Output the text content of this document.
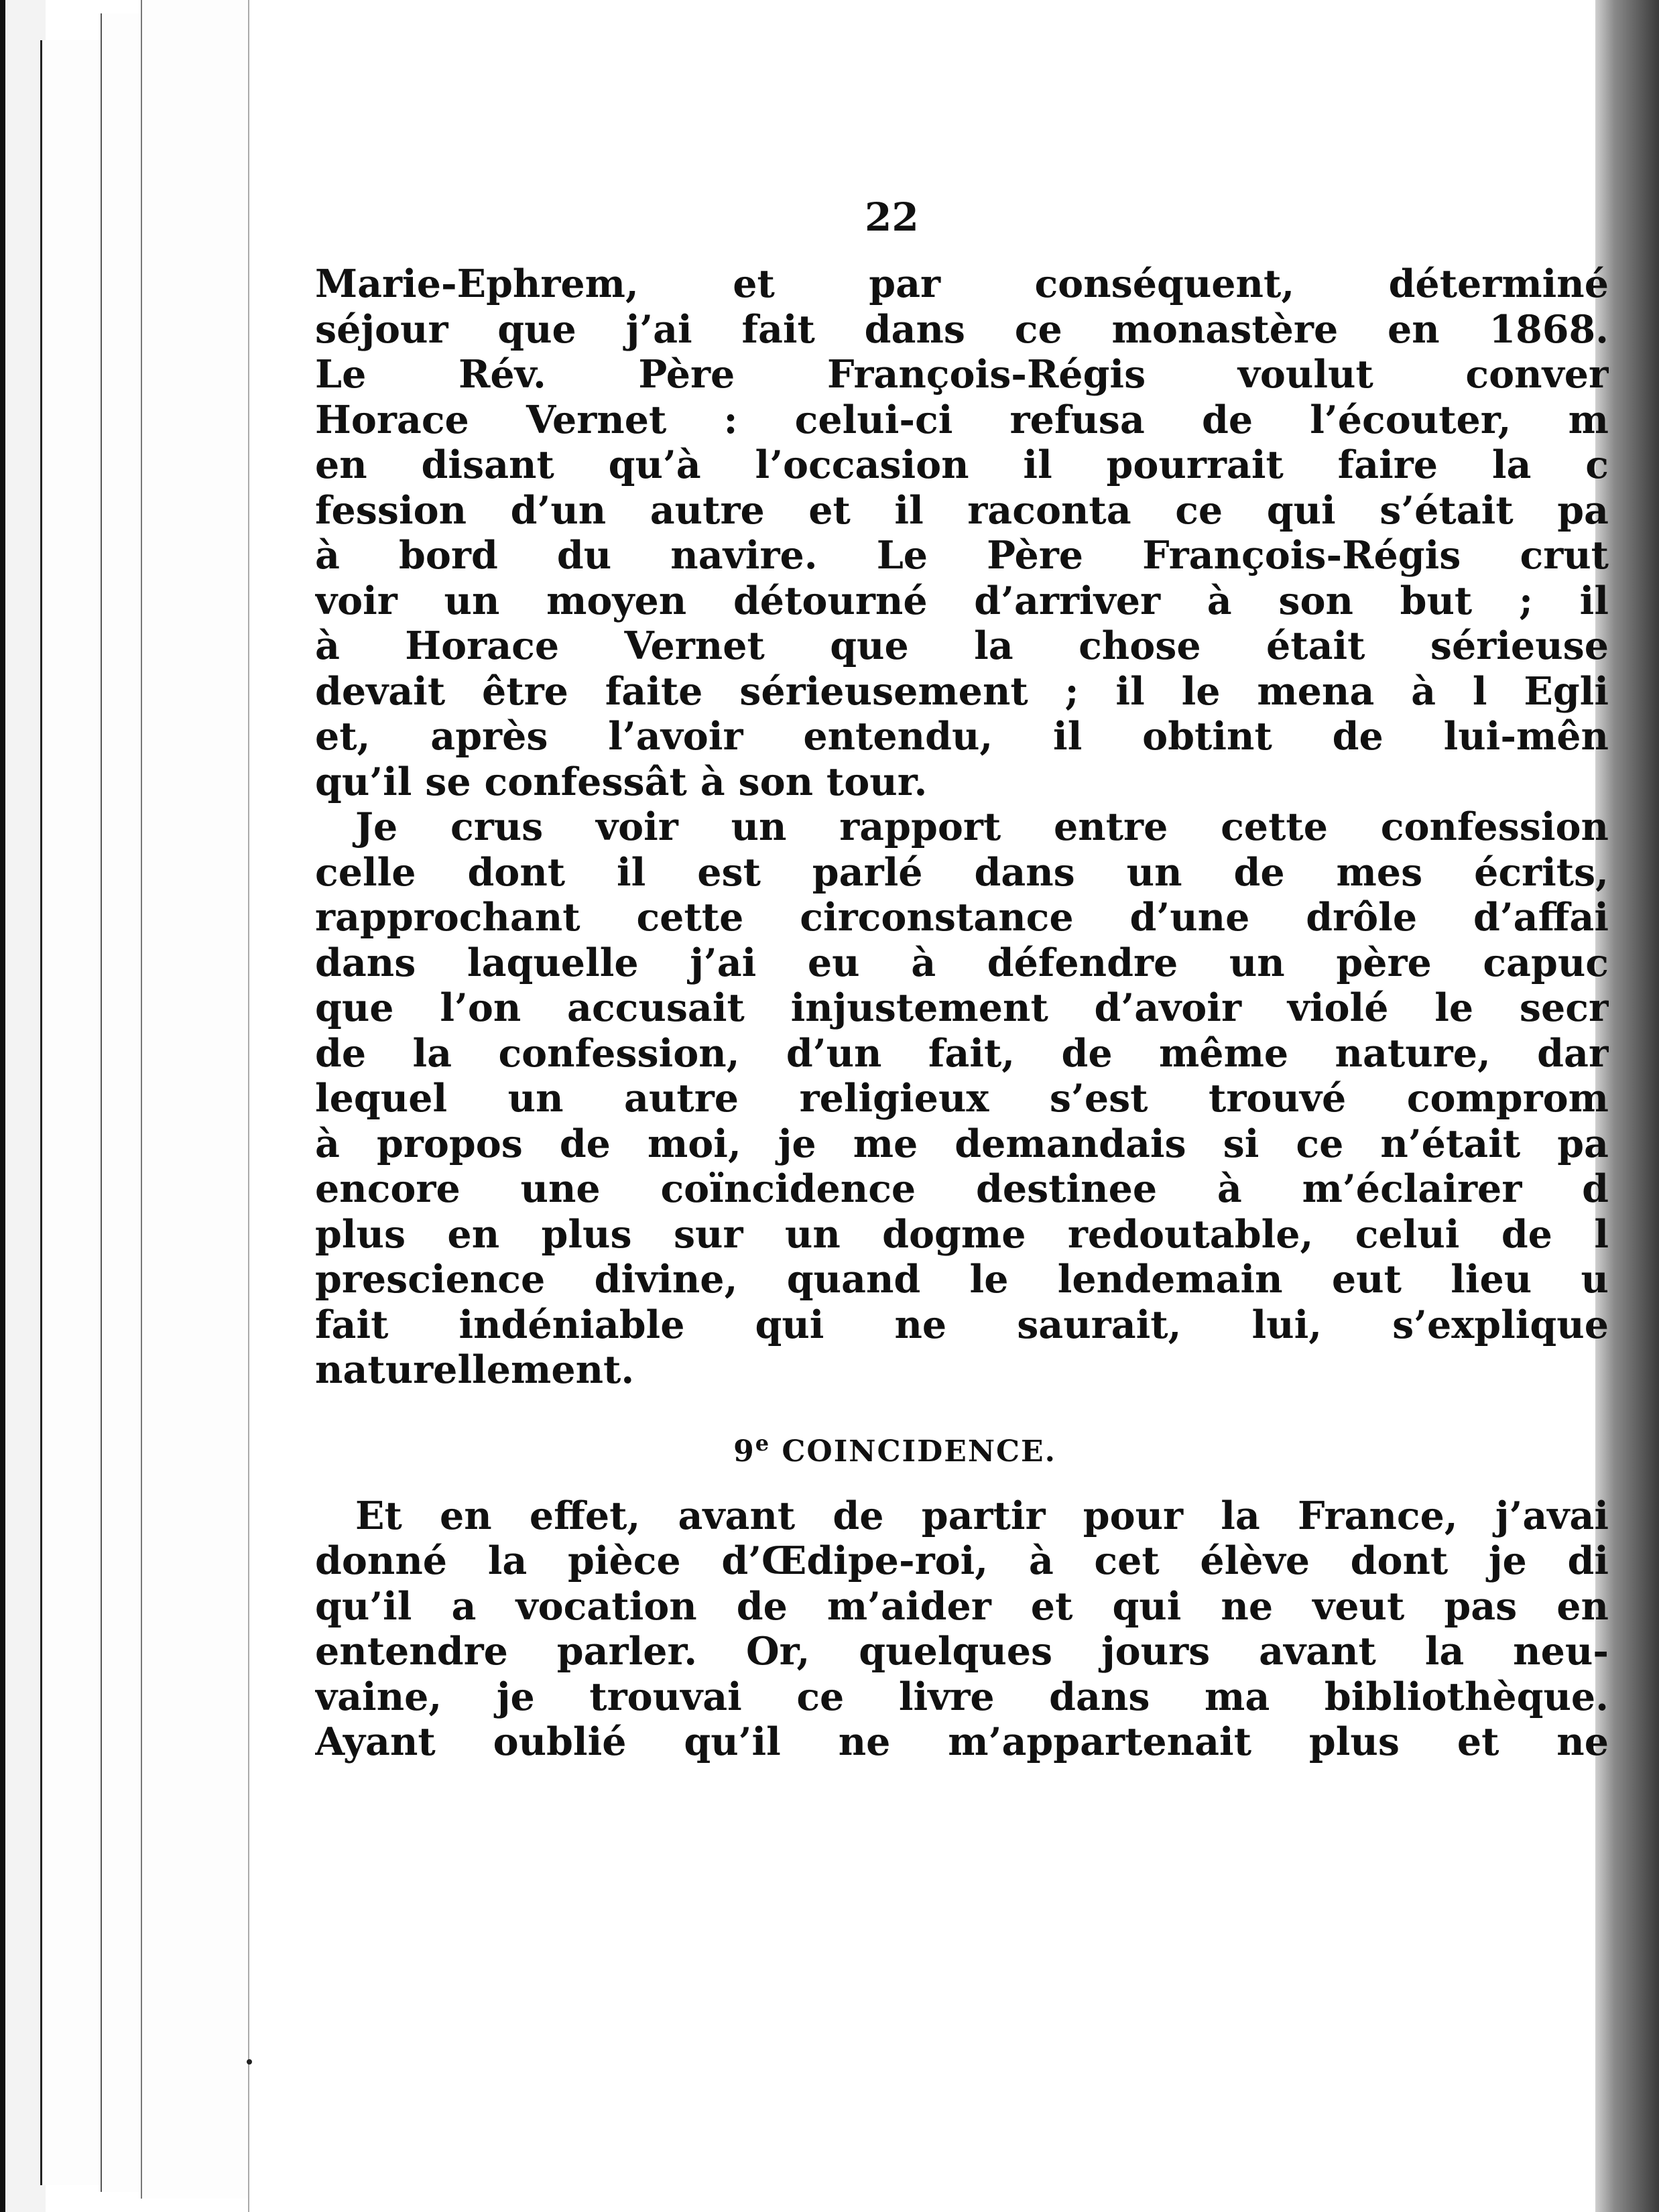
22
Marie-Ephrem, et par conséquent, déterminé
séjour que j’ai fait dans ce monastère en 1868.
Le Rév. Père François-Régis voulut conver
Horace Vernet : celui-ci refusa de l’écouter, m
en disant qu’à l’occasion il pourrait faire la c
fession d’un autre et il raconta ce qui s’était pa
à bord du navire. Le Père François-Régis crut
voir un moyen détourné d’arriver à son but ; il
à Horace Vernet que la chose était sérieuse
devait être faite sérieusement ; il le mena à l Egli
et, après l’avoir entendu, il obtint de lui-mên
qu’il se confessât à son tour.
Je crus voir un rapport entre cette confession
celle dont il est parlé dans un de mes écrits,
rapprochant cette circonstance d’une drôle d’affai
dans laquelle j’ai eu à défendre un père capuc
que l’on accusait injustement d’avoir violé le secr
de la confession, d’un fait, de même nature, dar
lequel un autre religieux s’est trouvé comprom
à propos de moi, je me demandais si ce n’était pa
encore une coïncidence destinee à m’éclairer d
plus en plus sur un dogme redoutable, celui de l
prescience divine, quand le lendemain eut lieu u
fait indéniable qui ne saurait, lui, s’explique
naturellement.
9e COINCIDENCE.
Et en effet, avant de partir pour la France, j’avai
donné la pièce d’Œdipe-roi, à cet élève dont je di
qu’il a vocation de m’aider et qui ne veut pas en
entendre parler. Or, quelques jours avant la neu-
vaine, je trouvai ce livre dans ma bibliothèque.
Ayant oublié qu’il ne m’appartenait plus et ne
